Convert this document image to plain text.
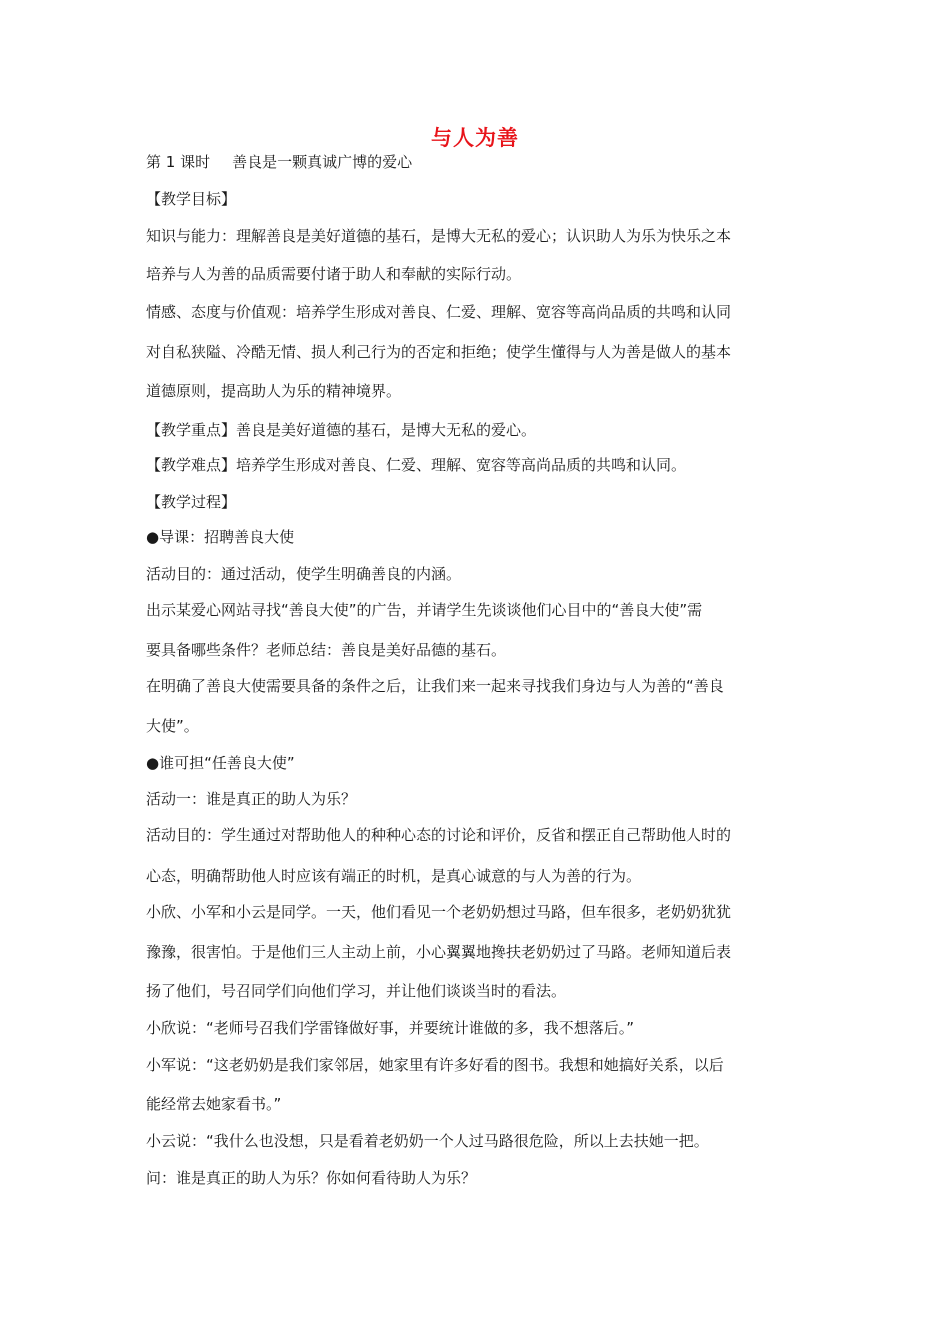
与人为善
第 1 课时 善良是一颗真诚广博的爱心
【教学目标】
知识与能力：理解善良是美好道德的基石，是博大无私的爱心；认识助人为乐为快乐之本
培养与人为善的品质需要付诸于助人和奉献的实际行动。
情感、态度与价值观：培养学生形成对善良、仁爱、理解、宽容等高尚品质的共鸣和认同
对自私狭隘、冷酷无情、损人利己行为的否定和拒绝；使学生懂得与人为善是做人的基本
道德原则，提高助人为乐的精神境界。
【教学重点】善良是美好道德的基石，是博大无私的爱心。
【教学难点】培养学生形成对善良、仁爱、理解、宽容等高尚品质的共鸣和认同。
【教学过程】
●导课：招聘善良大使
活动目的：通过活动，使学生明确善良的内涵。
出示某爱心网站寻找“善良大使”的广告，并请学生先谈谈他们心目中的“善良大使”需
要具备哪些条件？老师总结：善良是美好品德的基石。
在明确了善良大使需要具备的条件之后，让我们来一起来寻找我们身边与人为善的“善良
大使”。
●谁可担“任善良大使”
活动一：谁是真正的助人为乐？
活动目的：学生通过对帮助他人的种种心态的讨论和评价，反省和摆正自己帮助他人时的
心态，明确帮助他人时应该有端正的时机，是真心诚意的与人为善的行为。
小欣、小军和小云是同学。一天，他们看见一个老奶奶想过马路，但车很多，老奶奶犹犹
豫豫，很害怕。于是他们三人主动上前，小心翼翼地搀扶老奶奶过了马路。老师知道后表
扬了他们，号召同学们向他们学习，并让他们谈谈当时的看法。
小欣说：“老师号召我们学雷锋做好事，并要统计谁做的多，我不想落后。”
小军说：“这老奶奶是我们家邻居，她家里有许多好看的图书。我想和她搞好关系，以后
能经常去她家看书。”
小云说：“我什么也没想，只是看着老奶奶一个人过马路很危险，所以上去扶她一把。
问：谁是真正的助人为乐？你如何看待助人为乐？
